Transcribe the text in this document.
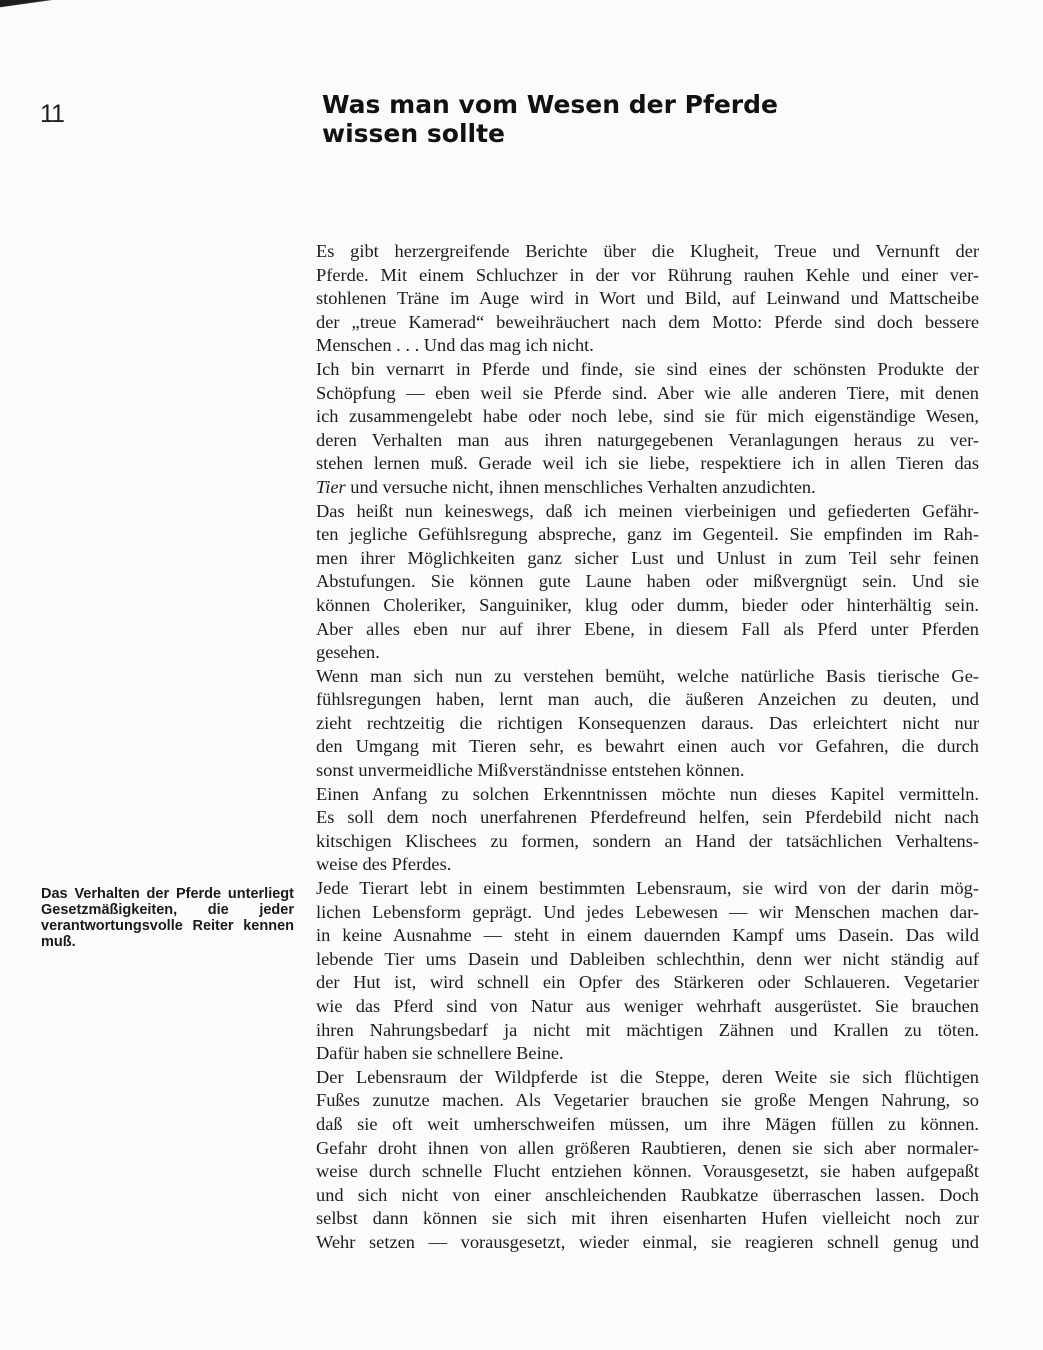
11	Was man vom Wesen der Pferde
wissen sollte

Das Verhalten der Pferde unterliegt Gesetzmäßigkeiten, die jeder verantwortungsvolle Reiter kennen muß.

Es gibt herzergreifende Berichte über die Klugheit, Treue und Vernunft der
Pferde. Mit einem Schluchzer in der vor Rührung rauhen Kehle und einer ver-
stohlenen Träne im Auge wird in Wort und Bild, auf Leinwand und Mattscheibe
der „treue Kamerad“ beweihräuchert nach dem Motto: Pferde sind doch bessere
Menschen . . . Und das mag ich nicht.

Ich bin vernarrt in Pferde und finde, sie sind eines der schönsten Produkte der
Schöpfung — eben weil sie Pferde sind. Aber wie alle anderen Tiere, mit denen
ich zusammengelebt habe oder noch lebe, sind sie für mich eigenständige Wesen,
deren Verhalten man aus ihren naturgegebenen Veranlagungen heraus zu ver-
stehen lernen muß. Gerade weil ich sie liebe, respektiere ich in allen Tieren das
Tier und versuche nicht, ihnen menschliches Verhalten anzudichten.

Das heißt nun keineswegs, daß ich meinen vierbeinigen und gefiederten Gefähr-
ten jegliche Gefühlsregung abspreche, ganz im Gegenteil. Sie empfinden im Rah-
men ihrer Möglichkeiten ganz sicher Lust und Unlust in zum Teil sehr feinen
Abstufungen. Sie können gute Laune haben oder mißvergnügt sein. Und sie
können Choleriker, Sanguiniker, klug oder dumm, bieder oder hinterhältig sein.
Aber alles eben nur auf ihrer Ebene, in diesem Fall als Pferd unter Pferden
gesehen.

Wenn man sich nun zu verstehen bemüht, welche natürliche Basis tierische Ge-
fühlsregungen haben, lernt man auch, die äußeren Anzeichen zu deuten, und
zieht rechtzeitig die richtigen Konsequenzen daraus. Das erleichtert nicht nur
den Umgang mit Tieren sehr, es bewahrt einen auch vor Gefahren, die durch
sonst unvermeidliche Mißverständnisse entstehen können.

Einen Anfang zu solchen Erkenntnissen möchte nun dieses Kapitel vermitteln.
Es soll dem noch unerfahrenen Pferdefreund helfen, sein Pferdebild nicht nach
kitschigen Klischees zu formen, sondern an Hand der tatsächlichen Verhaltens-
weise des Pferdes.

Jede Tierart lebt in einem bestimmten Lebensraum, sie wird von der darin mög-
lichen Lebensform geprägt. Und jedes Lebewesen — wir Menschen machen dar-
in keine Ausnahme — steht in einem dauernden Kampf ums Dasein. Das wild
lebende Tier ums Dasein und Dableiben schlechthin, denn wer nicht ständig auf
der Hut ist, wird schnell ein Opfer des Stärkeren oder Schlaueren. Vegetarier
wie das Pferd sind von Natur aus weniger wehrhaft ausgerüstet. Sie brauchen
ihren Nahrungsbedarf ja nicht mit mächtigen Zähnen und Krallen zu töten.
Dafür haben sie schnellere Beine.

Der Lebensraum der Wildpferde ist die Steppe, deren Weite sie sich flüchtigen
Fußes zunutze machen. Als Vegetarier brauchen sie große Mengen Nahrung, so
daß sie oft weit umherschweifen müssen, um ihre Mägen füllen zu können.
Gefahr droht ihnen von allen größeren Raubtieren, denen sie sich aber normaler-
weise durch schnelle Flucht entziehen können. Vorausgesetzt, sie haben aufgepaßt
und sich nicht von einer anschleichenden Raubkatze überraschen lassen. Doch
selbst dann können sie sich mit ihren eisenharten Hufen vielleicht noch zur
Wehr setzen — vorausgesetzt, wieder einmal, sie reagieren schnell genug und
